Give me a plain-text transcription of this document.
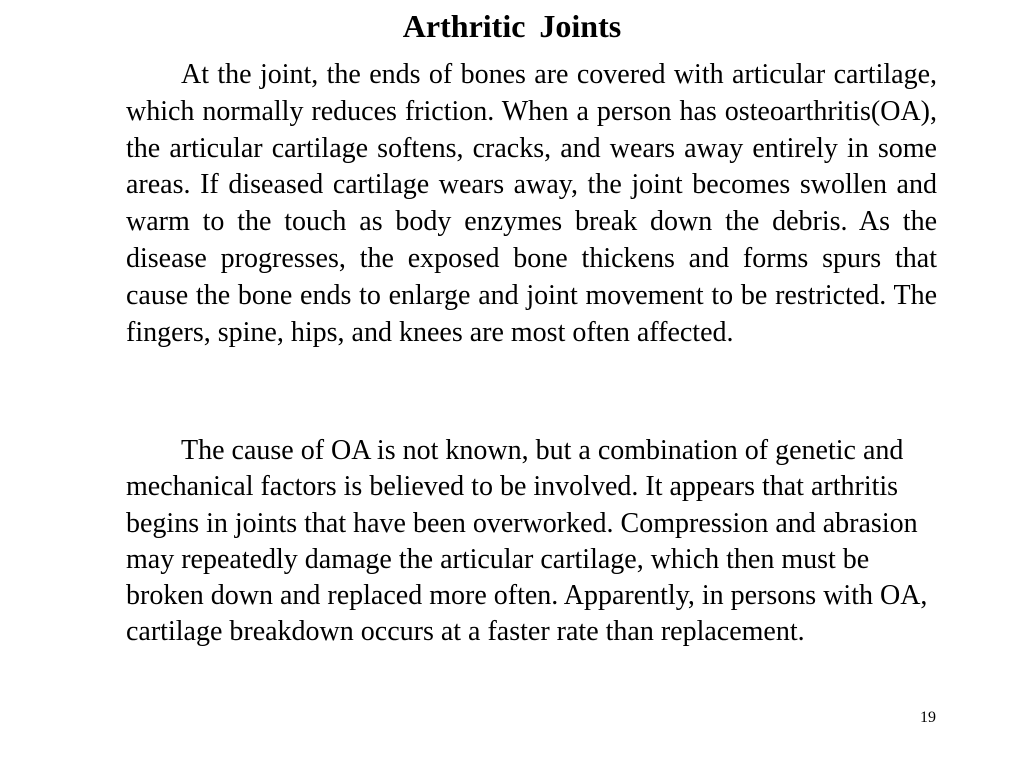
Arthritic Joints

At the joint, the ends of bones are covered with articular cartilage, which normally reduces friction. When a person has osteoarthritis(OA), the articular cartilage softens, cracks, and wears away entirely in some areas. If diseased cartilage wears away, the joint becomes swollen and warm to the touch as body enzymes break down the debris. As the disease progresses, the exposed bone thickens and forms spurs that cause the bone ends to enlarge and joint movement to be restricted. The fingers, spine, hips, and knees are most often affected.

The cause of OA is not known, but a combination of genetic and mechanical factors is believed to be involved. It appears that arthritis begins in joints that have been overworked. Compression and abrasion may repeatedly damage the articular cartilage, which then must be broken down and replaced more often. Apparently, in persons with OA, cartilage breakdown occurs at a faster rate than replacement.

19
